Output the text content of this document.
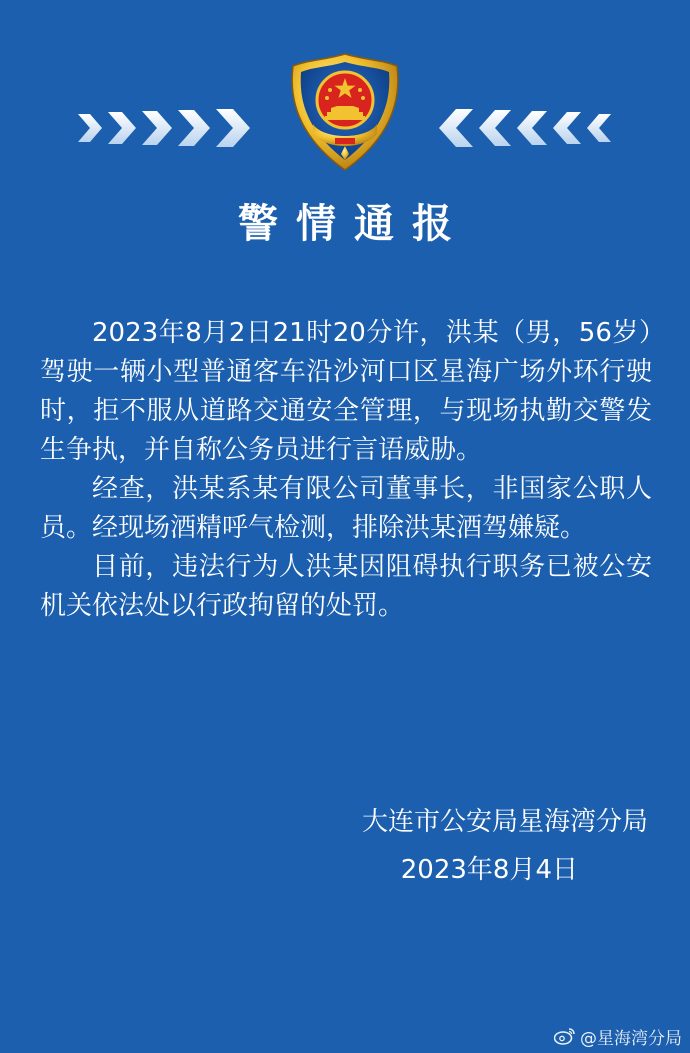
警情通报

2023年8月2日21时20分许，洪某（男，56岁）驾驶一辆小型普通客车沿沙河口区星海广场外环行驶时，拒不服从道路交通安全管理，与现场执勤交警发生争执，并自称公务员进行言语威胁。

经查，洪某系某有限公司董事长，非国家公职人员。经现场酒精呼气检测，排除洪某酒驾嫌疑。

目前，违法行为人洪某因阻碍执行职务已被公安机关依法处以行政拘留的处罚。

大连市公安局星海湾分局
2023年8月4日
@星海湾分局
